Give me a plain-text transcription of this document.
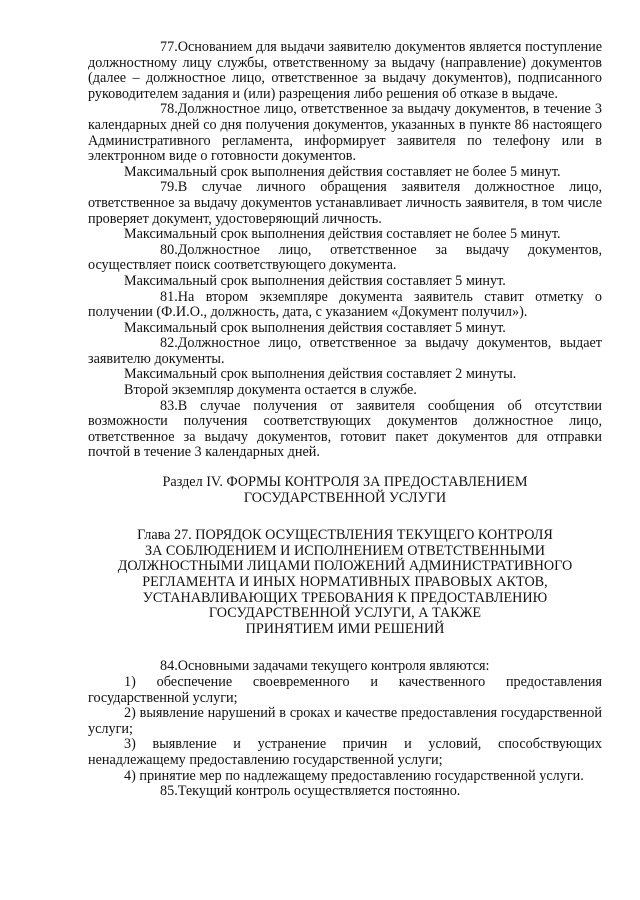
77.Основанием для выдачи заявителю документов является поступление должностному лицу службы, ответственному за выдачу (направление) документов (далее – должностное лицо, ответственное за выдачу документов), подписанного руководителем задания и (или) разрещения либо решения об отказе в выдаче.

78.Должностное лицо, ответственное за выдачу документов, в течение 3 календарных дней со дня получения документов, указанных в пункте 86 настоящего Административного регламента, информирует заявителя по телефону или в электронном виде о готовности документов.

Максимальный срок выполнения действия составляет не более 5 минут.

79.В случае личного обращения заявителя должностное лицо, ответственное за выдачу документов устанавливает личность заявителя, в том числе проверяет документ, удостоверяющий личность.

Максимальный срок выполнения действия составляет не более 5 минут.

80.Должностное лицо, ответственное за выдачу документов, осуществляет поиск соответствующего документа.

Максимальный срок выполнения действия составляет 5 минут.

81.На втором экземпляре документа заявитель ставит отметку о получении (Ф.И.О., должность, дата, с указанием «Документ получил»).

Максимальный срок выполнения действия составляет 5 минут.

82.Должностное лицо, ответственное за выдачу документов, выдает заявителю документы.

Максимальный срок выполнения действия составляет 2 минуты.

Второй экземпляр документа остается в службе.

83.В случае получения от заявителя сообщения об отсутствии возможности получения соответствующих документов должностное лицо, ответственное за выдачу документов, готовит пакет документов для отправки почтой в течение 3 календарных дней.

Раздел IV. ФОРМЫ КОНТРОЛЯ ЗА ПРЕДОСТАВЛЕНИЕМ

ГОСУДАРСТВЕННОЙ УСЛУГИ

Глава 27. ПОРЯДОК ОСУЩЕСТВЛЕНИЯ ТЕКУЩЕГО КОНТРОЛЯ

ЗА СОБЛЮДЕНИЕМ И ИСПОЛНЕНИЕМ ОТВЕТСТВЕННЫМИ

ДОЛЖНОСТНЫМИ ЛИЦАМИ ПОЛОЖЕНИЙ АДМИНИСТРАТИВНОГО

РЕГЛАМЕНТА И ИНЫХ НОРМАТИВНЫХ ПРАВОВЫХ АКТОВ,

УСТАНАВЛИВАЮЩИХ ТРЕБОВАНИЯ К ПРЕДОСТАВЛЕНИЮ

ГОСУДАРСТВЕННОЙ УСЛУГИ, А ТАКЖЕ

ПРИНЯТИЕМ ИМИ РЕШЕНИЙ

84.Основными задачами текущего контроля являются:

1) обеспечение своевременного и качественного предоставления государственной услуги;

2) выявление нарушений в сроках и качестве предоставления государственной услуги;

3) выявление и устранение причин и условий, способствующих ненадлежащему предоставлению государственной услуги;

4) принятие мер по надлежащему предоставлению государственной услуги.

85.Текущий контроль осуществляется постоянно.
